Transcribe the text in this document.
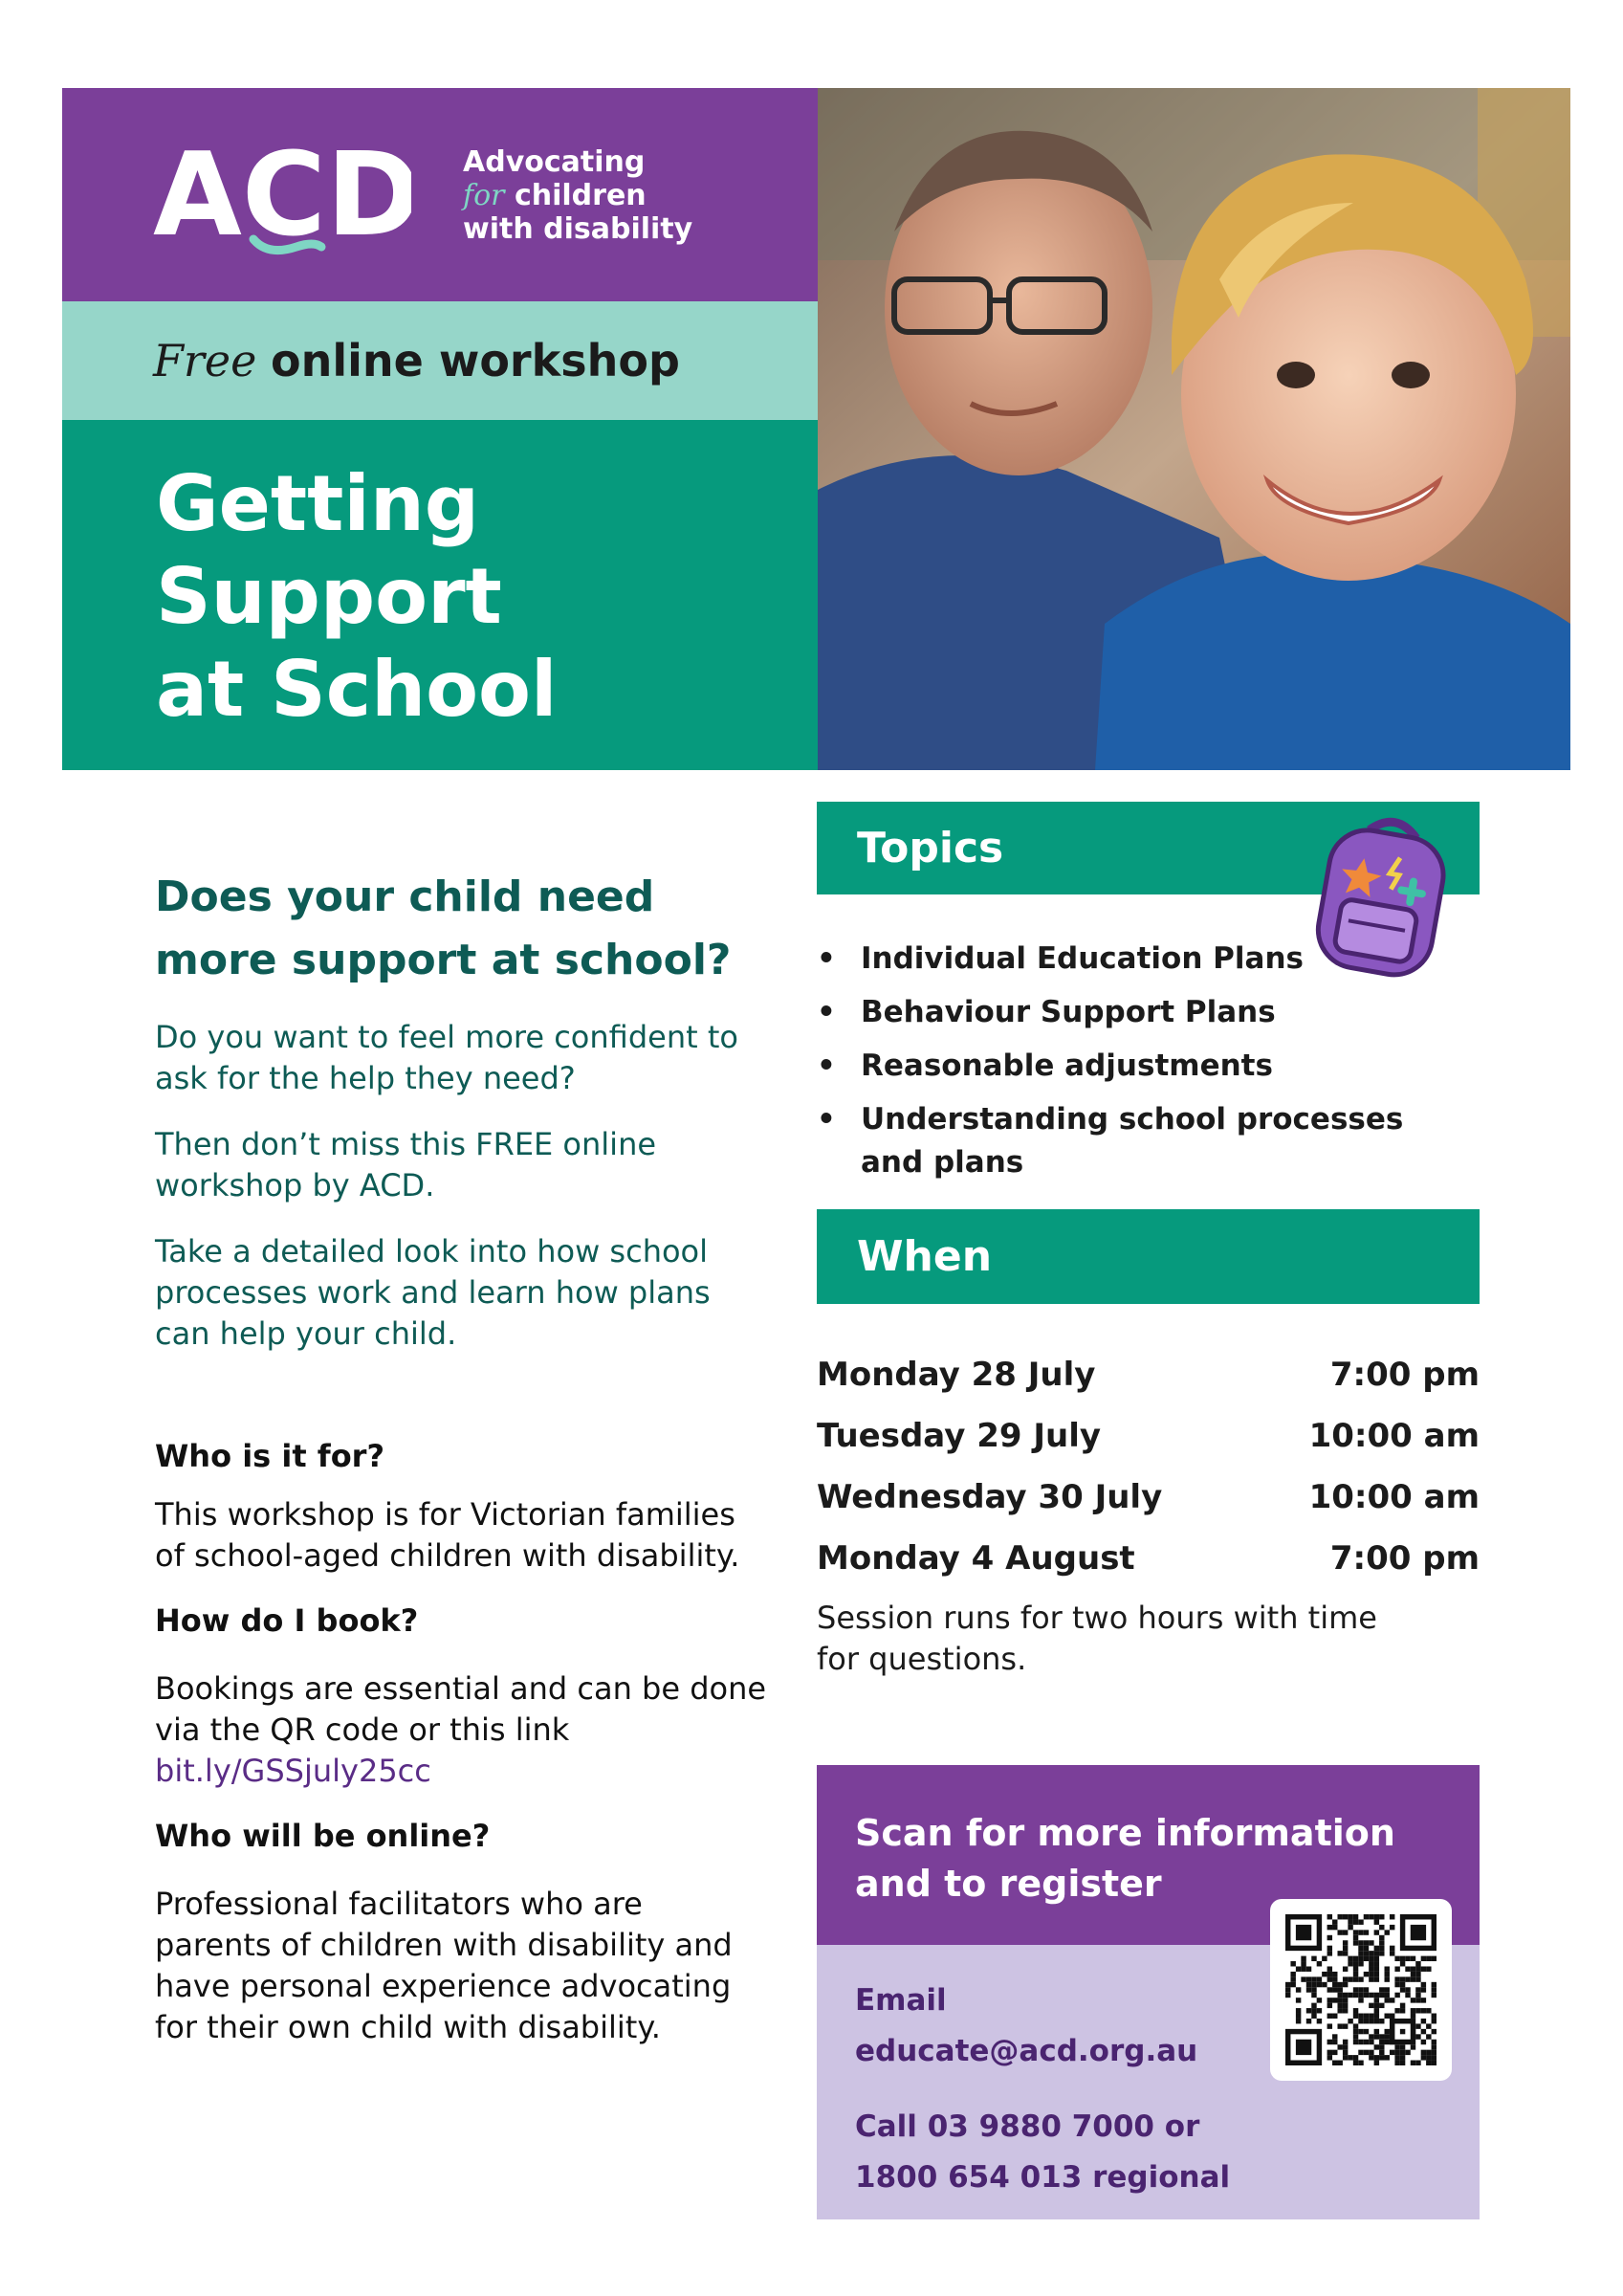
ACD Advocating
for children
with disability
Free online workshop
Getting
Support
at School
Does your child need more support at school?

Do you want to feel more confident to ask for the help they need?

Then don’t miss this FREE online workshop by ACD.

Take a detailed look into how school processes work and learn how plans can help your child.

Who is it for?

This workshop is for Victorian families of school-aged children with disability.

How do I book?

Bookings are essential and can be done via the QR code or this link bit.ly/GSSjuly25cc

Who will be online?

Professional facilitators who are parents of children with disability and have personal experience advocating for their own child with disability.

Topics
• Individual Education Plans
• Behaviour Support Plans
• Reasonable adjustments
• Understanding school processes and plans
When
Monday 28 July	7:00 pm
Tuesday 29 July	10:00 am
Wednesday 30 July	10:00 am
Monday 4 August	7:00 pm

Session runs for two hours with time for questions.

Scan for more information and to register

Email

educate@acd.org.au

Call 03 9880 7000 or

1800 654 013 regional
